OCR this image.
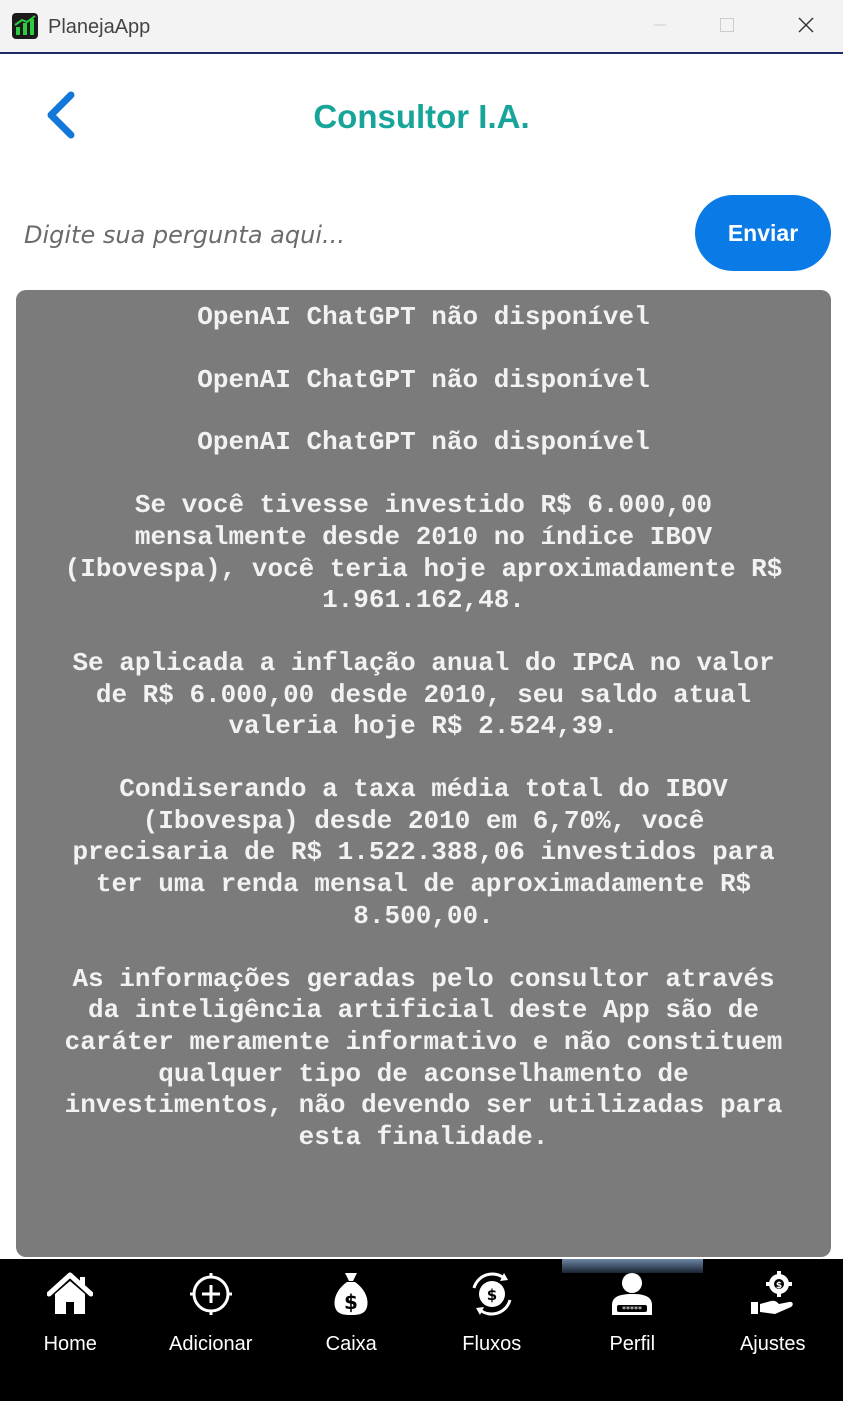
PlanejaApp
Consultor I.A.
Digite sua pergunta aqui...
Enviar

OpenAI ChatGPT não disponível

OpenAI ChatGPT não disponível

OpenAI ChatGPT não disponível

Se você tivesse investido R$ 6.000,00
mensalmente desde 2010 no índice IBOV
(Ibovespa), você teria hoje aproximadamente R$
1.961.162,48.

Se aplicada a inflação anual do IPCA no valor
de R$ 6.000,00 desde 2010, seu saldo atual
valeria hoje R$ 2.524,39.

Condiserando a taxa média total do IBOV
(Ibovespa) desde 2010 em 6,70%, você
precisaria de R$ 1.522.388,06 investidos para
ter uma renda mensal de aproximadamente R$
8.500,00.

As informações geradas pelo consultor através
da inteligência artificial deste App são de
caráter meramente informativo e não constituem
qualquer tipo de aconselhamento de
investimentos, não devendo ser utilizadas para
esta finalidade.

Home	Adicionar
$
Caixa
$
Fluxos
*****
Perfil
$
Ajustes
